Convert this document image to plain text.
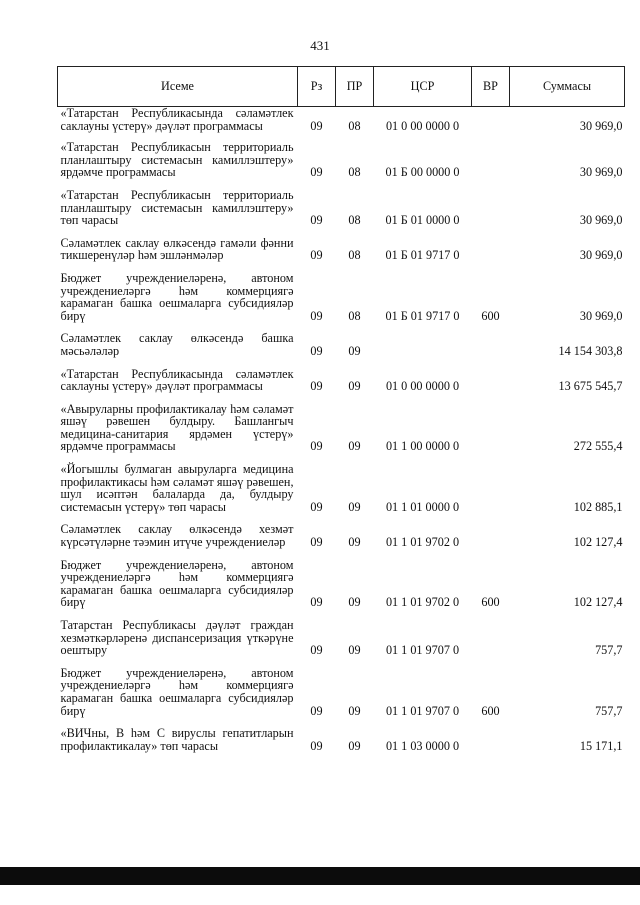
431
Исеме	Рз	ПР	ЦСР	ВР	Суммасы
«Татарстан Республикасында сәламәтлек саклауны үстерү» дәүләт программасы	09	08	01 0 00 0000 0		30 969,0

«Татарстан Республикасын территориаль планлаштыру системасын камиллэштеру» ярдәмче программасы	09	08	01 Б 00 0000 0		30 969,0

«Татарстан Республикасын территориаль планлаштыру системасын камиллэштеру» төп чарасы	09	08	01 Б 01 0000 0		30 969,0

Сәламәтлек саклау өлкәсендә гамәли фәнни тикшеренүләр һәм эшләнмәләр	09	08	01 Б 01 9717 0		30 969,0

Бюджет учреждениеләренә, автоном учреждениеләргә һәм коммерциягә карамаган башка оешмаларга субсидияләр бирү	09	08	01 Б 01 9717 0	600	30 969,0

Сәламәтлек саклау өлкәсендә башка мәсьәләләр	09	09			14 154 303,8

«Татарстан Республикасында сәламәтлек саклауны үстерү» дәүләт программасы	09	09	01 0 00 0000 0		13 675 545,7

«Авыруларны профилактикалау һәм сәламәт яшәү рәвешен булдыру. Башлангыч медицина-санитария ярдәмен үстерү» ярдәмче программасы	09	09	01 1 00 0000 0		272 555,4

«Йогышлы булмаган авыруларга медицина профилактикасы һәм сәламәт яшәү рәвешен, шул исәптән балаларда да, булдыру системасын үстерү» төп чарасы	09	09	01 1 01 0000 0		102 885,1

Сәламәтлек саклау өлкәсендә хезмәт күрсәтүләрне тәэмин итүче учреждениеләр	09	09	01 1 01 9702 0		102 127,4

Бюджет учреждениеләренә, автоном учреждениеләргә һәм коммерциягә карамаган башка оешмаларга субсидияләр бирү	09	09	01 1 01 9702 0	600	102 127,4

Татарстан Республикасы дәүләт граждан хезмәткәрләренә диспансеризация үткәрүне оештыру	09	09	01 1 01 9707 0		757,7

Бюджет учреждениеләренә, автоном учреждениеләргә һәм коммерциягә карамаган башка оешмаларга субсидияләр бирү	09	09	01 1 01 9707 0	600	757,7

«ВИЧны, В һәм С вируслы гепатитларын профилактикалау» төп чарасы	09	09	01 1 03 0000 0		15 171,1
